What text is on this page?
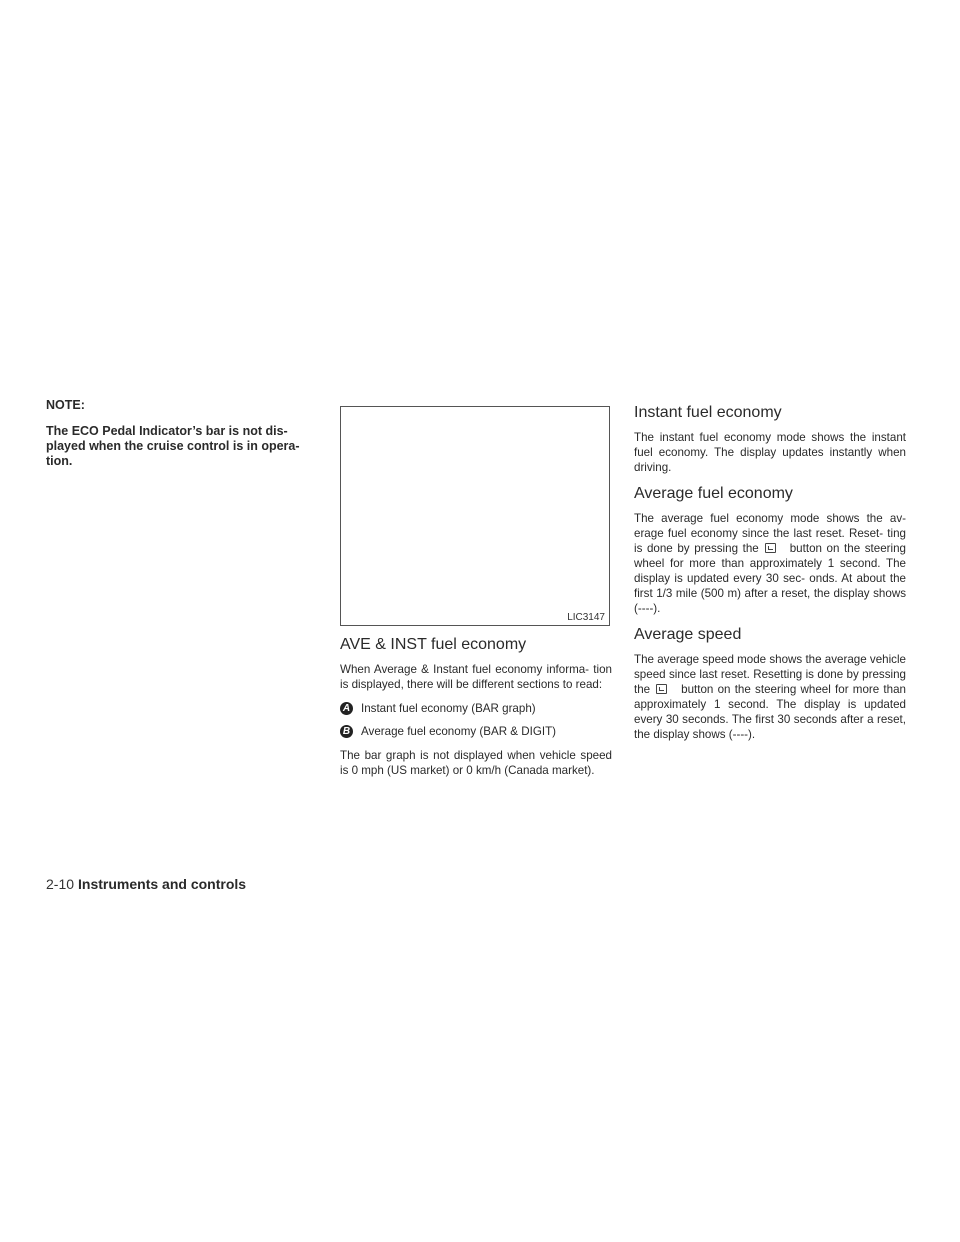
NOTE:

The ECO Pedal Indicator’s bar is not dis- played when the cruise control is in opera- tion.

LIC3147
AVE & INST fuel economy

When Average & Instant fuel economy informa- tion is displayed, there will be different sections to read:

A Instant fuel economy (BAR graph)
B Average fuel economy (BAR & DIGIT)

The bar graph is not displayed when vehicle speed is 0 mph (US market) or 0 km/h (Canada market).

Instant fuel economy

The instant fuel economy mode shows the instant fuel economy. The display updates instantly when driving.

Average fuel economy

The average fuel economy mode shows the av- erage fuel economy since the last reset. Reset- ting is done by pressing the	button on the steering wheel for more than approximately 1 second. The display is updated every 30 sec- onds. At about the first 1/3 mile (500 m) after a reset, the display shows (----).

Average speed

The average speed mode shows the average vehicle speed since last reset. Resetting is done by pressing the	button on the steering wheel for more than approximately 1 second. The display is updated every 30 seconds. The first 30 seconds after a reset, the display shows (----).

2-10 Instruments and controls
